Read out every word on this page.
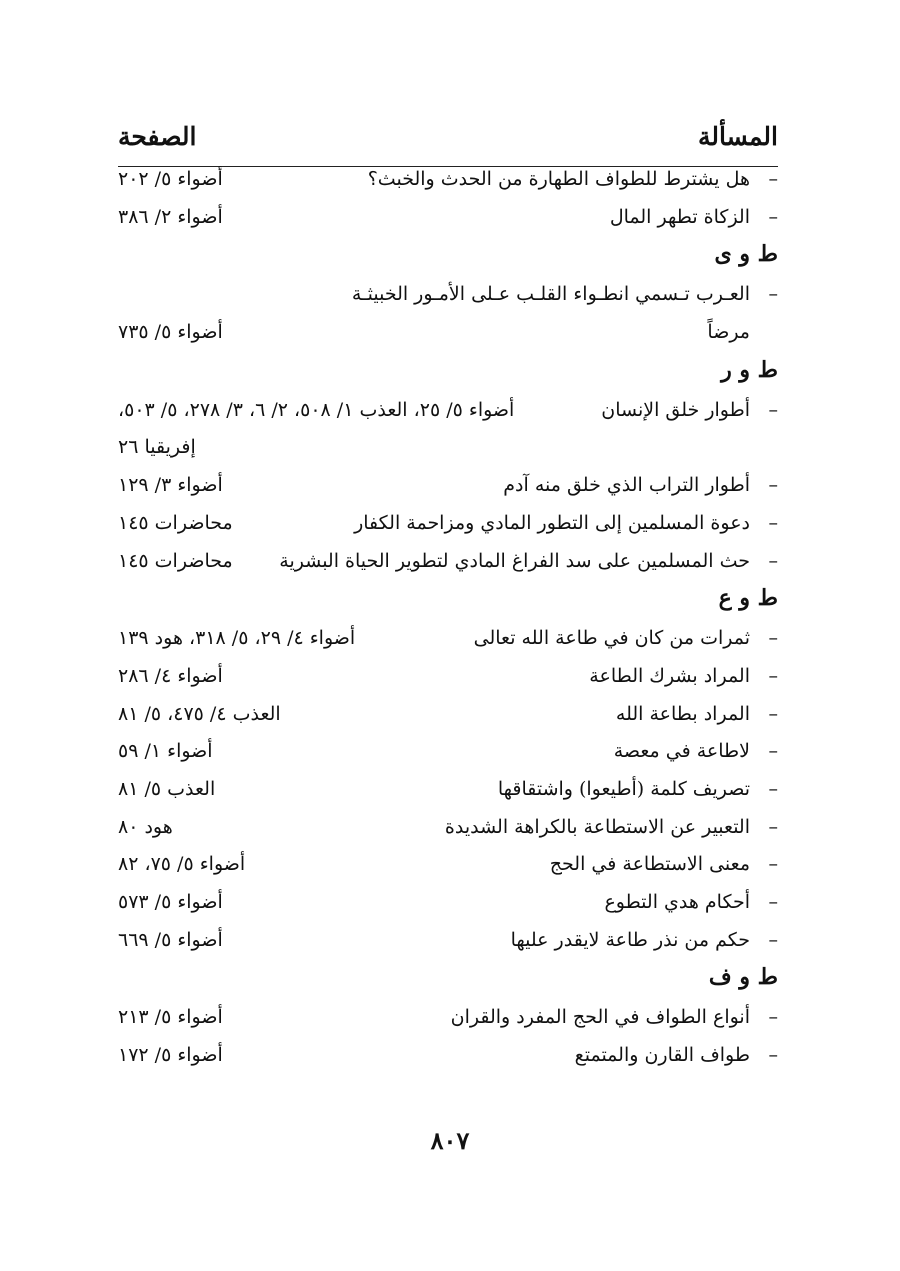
المسألة
الصفحة
–
هل يشترط للطواف الطهارة من الحدث والخبث؟
أضواء ٥/ ٢٠٢
–
الزكاة تطهر المال
أضواء ٢/ ٣٨٦
ط و ى
–
العـرب تـسمي انطـواء القلـب عـلى الأمـور الخبيثـة
مرضاً
أضواء ٥/ ٧٣٥
ط و ر
–
أطوار خلق الإنسان
أضواء ٥/ ٢٥، العذب ١/ ٥٠٨، ٢/ ٦، ٣/ ٢٧٨، ٥/ ٥٠٣،
إفريقيا ٢٦
–
أطوار التراب الذي خلق منه آدم
أضواء ٣/ ١٢٩
–
دعوة المسلمين إلى التطور المادي ومزاحمة الكفار
محاضرات ١٤٥
–
حث المسلمين على سد الفراغ المادي لتطوير الحياة البشرية
محاضرات ١٤٥
ط و ع
–
ثمرات من كان في طاعة الله تعالى
أضواء ٤/ ٢٩، ٥/ ٣١٨، هود ١٣٩
–
المراد بشرك الطاعة
أضواء ٤/ ٢٨٦
–
المراد بطاعة الله
العذب ٤/ ٤٧٥، ٥/ ٨١
–
لاطاعة في معصة
أضواء ١/ ٥٩
–
تصريف كلمة (أطيعوا) واشتقاقها
العذب ٥/ ٨١
–
التعبير عن الاستطاعة بالكراهة الشديدة
هود ٨٠
–
معنى الاستطاعة في الحج
أضواء ٥/ ٧٥، ٨٢
–
أحكام هدي التطوع
أضواء ٥/ ٥٧٣
–
حكم من نذر طاعة لايقدر عليها
أضواء ٥/ ٦٦٩
ط و ف
–
أنواع الطواف في الحج المفرد والقران
أضواء ٥/ ٢١٣
–
طواف القارن والمتمتع
أضواء ٥/ ١٧٢
٨٠٧
